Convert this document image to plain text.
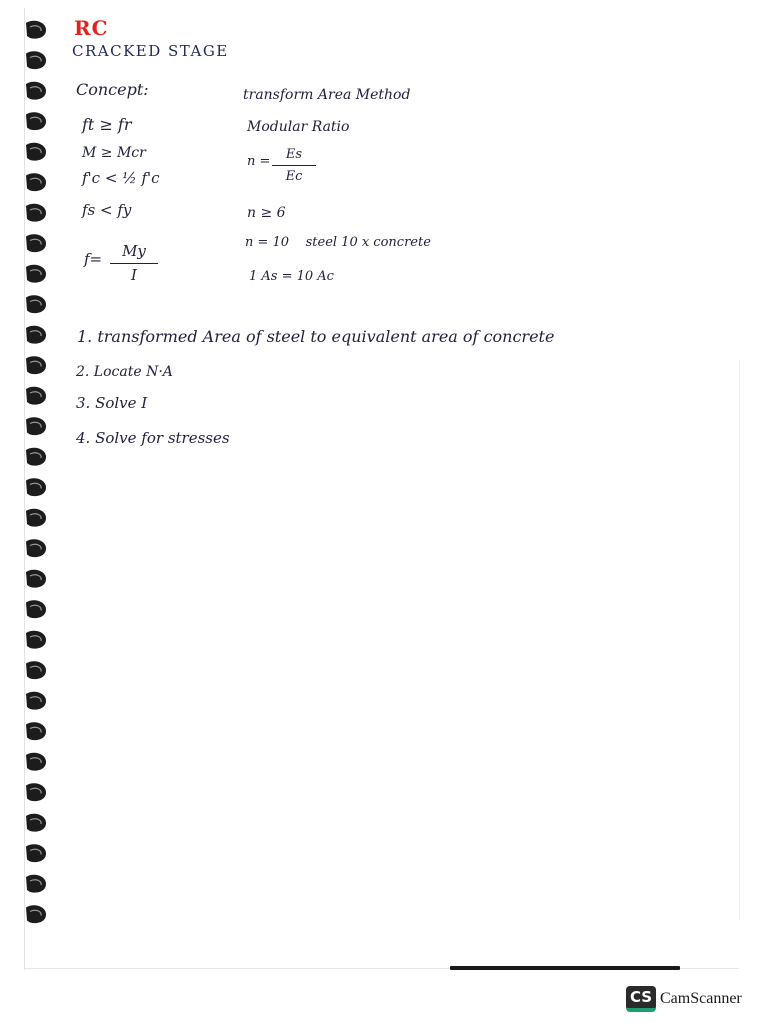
RC
CRACKED STAGE
Concept:
ft ≥ fr
M ≥ Mcr
f'c < ½ f'c
fs < fy
f=	My
I
transform Area Method
Modular Ratio
n =	Es
Ec
n ≥ 6
n = 10    steel 10 x concrete
1 As = 10 Ac
1. transformed Area of steel to equivalent area of concrete
2. Locate N·A
3. Solve I
4. Solve for stresses
CS CamScanner
